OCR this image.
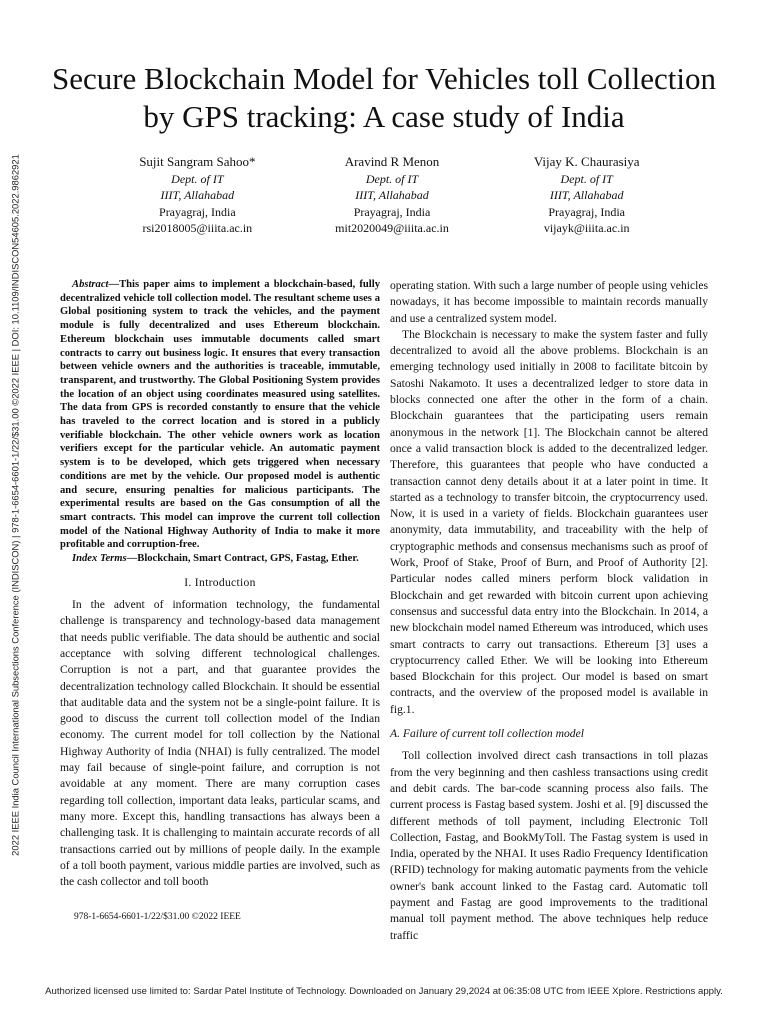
2022 IEEE India Council International Subsections Conference (INDISCON) | 978-1-6654-6601-1/22/$31.00 ©2022 IEEE | DOI: 10.1109/INDISCON54605.2022.9862921
Secure Blockchain Model for Vehicles toll Collection by GPS tracking: A case study of India
Sujit Sangram Sahoo*
Dept. of IT
IIIT, Allahabad
Prayagraj, India
rsi2018005@iiita.ac.in
Aravind R Menon
Dept. of IT
IIIT, Allahabad
Prayagraj, India
mit2020049@iiita.ac.in
Vijay K. Chaurasiya
Dept. of IT
IIIT, Allahabad
Prayagraj, India
vijayk@iiita.ac.in

Abstract—This paper aims to implement a blockchain-based, fully decentralized vehicle toll collection model. The resultant scheme uses a Global positioning system to track the vehicles, and the payment module is fully decentralized and uses Ethereum blockchain. Ethereum blockchain uses immutable documents called smart contracts to carry out business logic. It ensures that every transaction between vehicle owners and the authorities is traceable, immutable, transparent, and trustworthy. The Global Positioning System provides the location of an object using coordinates measured using satellites. The data from GPS is recorded constantly to ensure that the vehicle has traveled to the correct location and is stored in a publicly verifiable blockchain. The other vehicle owners work as location verifiers except for the particular vehicle. An automatic payment system is to be developed, which gets triggered when necessary conditions are met by the vehicle. Our proposed model is authentic and secure, ensuring penalties for malicious participants. The experimental results are based on the Gas consumption of all the smart contracts. This model can improve the current toll collection model of the National Highway Authority of India to make it more profitable and corruption-free.

Index Terms—Blockchain, Smart Contract, GPS, Fastag, Ether.

I. Introduction

In the advent of information technology, the fundamental challenge is transparency and technology-based data management that needs public verifiable. The data should be authentic and social acceptance with solving different technological challenges. Corruption is not a part, and that guarantee provides the decentralization technology called Blockchain. It should be essential that auditable data and the system not be a single-point failure. It is good to discuss the current toll collection model of the Indian economy. The current model for toll collection by the National Highway Authority of India (NHAI) is fully centralized. The model may fail because of single-point failure, and corruption is not avoidable at any moment. There are many corruption cases regarding toll collection, important data leaks, particular scams, and many more. Except this, handling transactions has always been a challenging task. It is challenging to maintain accurate records of all transactions carried out by millions of people daily. In the example of a toll booth payment, various middle parties are involved, such as the cash collector and toll booth

operating station. With such a large number of people using vehicles nowadays, it has become impossible to maintain records manually and use a centralized system model.

The Blockchain is necessary to make the system faster and fully decentralized to avoid all the above problems. Blockchain is an emerging technology used initially in 2008 to facilitate bitcoin by Satoshi Nakamoto. It uses a decentralized ledger to store data in blocks connected one after the other in the form of a chain. Blockchain guarantees that the participating users remain anonymous in the network [1]. The Blockchain cannot be altered once a valid transaction block is added to the decentralized ledger. Therefore, this guarantees that people who have conducted a transaction cannot deny details about it at a later point in time. It started as a technology to transfer bitcoin, the cryptocurrency used. Now, it is used in a variety of fields. Blockchain guarantees user anonymity, data immutability, and traceability with the help of cryptographic methods and consensus mechanisms such as proof of Work, Proof of Stake, Proof of Burn, and Proof of Authority [2]. Particular nodes called miners perform block validation in Blockchain and get rewarded with bitcoin current upon achieving consensus and successful data entry into the Blockchain. In 2014, a new blockchain model named Ethereum was introduced, which uses smart contracts to carry out transactions. Ethereum [3] uses a cryptocurrency called Ether. We will be looking into Ethereum based Blockchain for this project. Our model is based on smart contracts, and the overview of the proposed model is available in fig.1.

A. Failure of current toll collection model

Toll collection involved direct cash transactions in toll plazas from the very beginning and then cashless transactions using credit and debit cards. The bar-code scanning process also fails. The current process is Fastag based system. Joshi et al. [9] discussed the different methods of toll payment, including Electronic Toll Collection, Fastag, and BookMyToll. The Fastag system is used in India, operated by the NHAI. It uses Radio Frequency Identification (RFID) technology for making automatic payments from the vehicle owner's bank account linked to the Fastag card. Automatic toll payment and Fastag are good improvements to the traditional manual toll payment method. The above techniques help reduce traffic

978-1-6654-6601-1/22/$31.00 ©2022 IEEE
Authorized licensed use limited to: Sardar Patel Institute of Technology. Downloaded on January 29,2024 at 06:35:08 UTC from IEEE Xplore. Restrictions apply.
